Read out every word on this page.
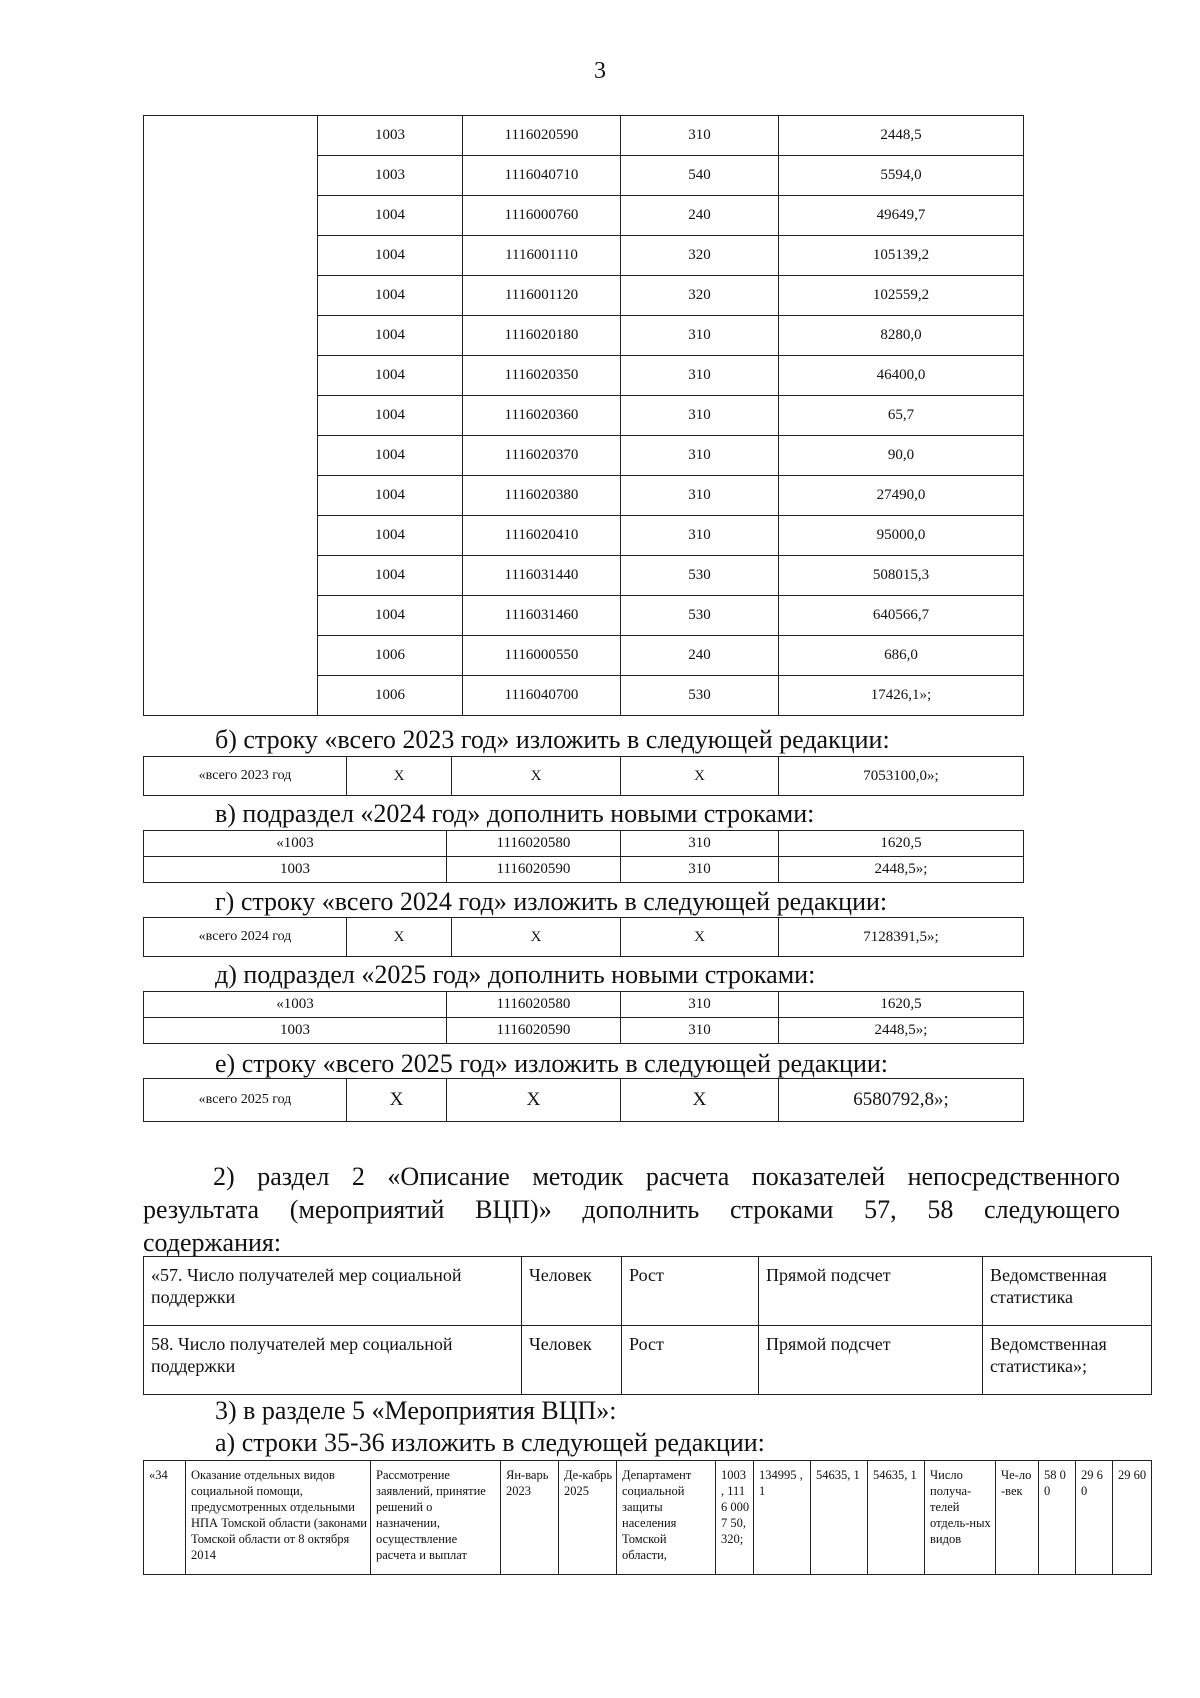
3
	1003	1116020590	310	2448,5
	1003	1116040710	540	5594,0
	1004	1116000760	240	49649,7
	1004	1116001110	320	105139,2
	1004	1116001120	320	102559,2
	1004	1116020180	310	8280,0
	1004	1116020350	310	46400,0
	1004	1116020360	310	65,7
	1004	1116020370	310	90,0
	1004	1116020380	310	27490,0
	1004	1116020410	310	95000,0
	1004	1116031440	530	508015,3
	1004	1116031460	530	640566,7
	1006	1116000550	240	686,0
	1006	1116040700	530	17426,1»;
б) строку «всего 2023 год» изложить в следующей редакции:
«всего 2023 год	Х	Х	Х	7053100,0»;
в) подраздел «2024 год» дополнить новыми строками:
«1003	1116020580	310	1620,5
1003	1116020590	310	2448,5»;
г) строку «всего 2024 год» изложить в следующей редакции:
«всего 2024 год	Х	Х	Х	7128391,5»;
д) подраздел «2025 год» дополнить новыми строками:
«1003	1116020580	310	1620,5
1003	1116020590	310	2448,5»;
е) строку «всего 2025 год» изложить в следующей редакции:
«всего 2025 год	Х	Х	Х	6580792,8»;
2) раздел 2 «Описание методик расчета показателей непосредственного
результата (мероприятий ВЦП)» дополнить строками 57, 58 следующего
содержания:
«57. Число получателей мер социальной поддержки	Человек	Рост	Прямой подсчет	Ведомственная статистика
58. Число получателей мер социальной поддержки	Человек	Рост	Прямой подсчет	Ведомственная статистика»;
3) в разделе 5 «Мероприятия ВЦП»:
а) строки 35-36 изложить в следующей редакции:
«34	Оказание отдельных видов социальной помощи, предусмотренных отдельными НПА Томской области (законами Томской области от 8 октября 2014	Рассмотрение заявлений, принятие решений о назначении, осуществление расчета и выплат	Ян-варь 2023	Де-кабрь 2025	Департамент социальной защиты населения Томской области,	1003 , 1116 0007 50, 320;	134995 ,1	54635, 1	54635, 1	Число получа-телей отдель-ных видов	Че-ло-век	58 00	29 60	29 60
